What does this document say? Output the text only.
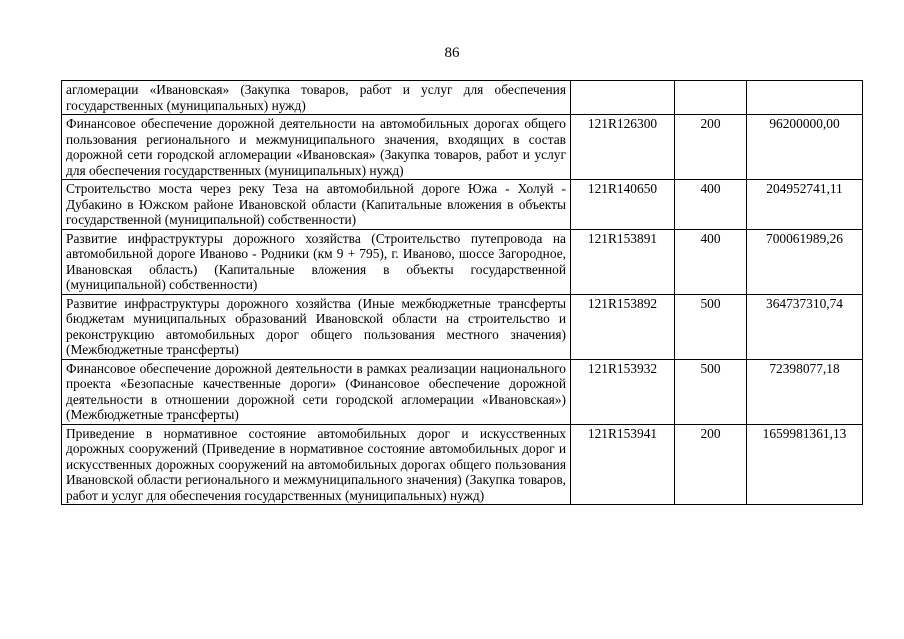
86
агломерации «Ивановская» (Закупка товаров, работ и услуг для обеспечения государственных (муниципальных) нужд)			
Финансовое обеспечение дорожной деятельности на автомобильных дорогах общего пользования регионального и межмуниципального значения, входящих в состав дорожной сети городской агломерации «Ивановская» (Закупка товаров, работ и услуг для обеспечения государственных (муниципальных) нужд)	121R126300	200	96200000,00
Строительство моста через реку Теза на автомобильной дороге Южа - Холуй - Дубакино в Южском районе Ивановской области (Капитальные вложения в объекты государственной (муниципальной) собственности)	121R140650	400	204952741,11
Развитие инфраструктуры дорожного хозяйства (Строительство путепровода на автомобильной дороге Иваново - Родники (км 9 + 795), г. Иваново, шоссе Загородное, Ивановская область) (Капитальные вложения в объекты государственной (муниципальной) собственности)	121R153891	400	700061989,26
Развитие инфраструктуры дорожного хозяйства (Иные межбюджетные трансферты бюджетам муниципальных образований Ивановской области на строительство и реконструкцию автомобильных дорог общего пользования местного значения) (Межбюджетные трансферты)	121R153892	500	364737310,74
Финансовое обеспечение дорожной деятельности в рамках реализации национального проекта «Безопасные качественные дороги» (Финансовое обеспечение дорожной деятельности в отношении дорожной сети городской агломерации «Ивановская») (Межбюджетные трансферты)	121R153932	500	72398077,18
Приведение в нормативное состояние автомобильных дорог и искусственных дорожных сооружений (Приведение в нормативное состояние автомобильных дорог и искусственных дорожных сооружений на автомобильных дорогах общего пользования Ивановской области регионального и межмуниципального значения) (Закупка товаров, работ и услуг для обеспечения государственных (муниципальных) нужд)	121R153941	200	1659981361,13
